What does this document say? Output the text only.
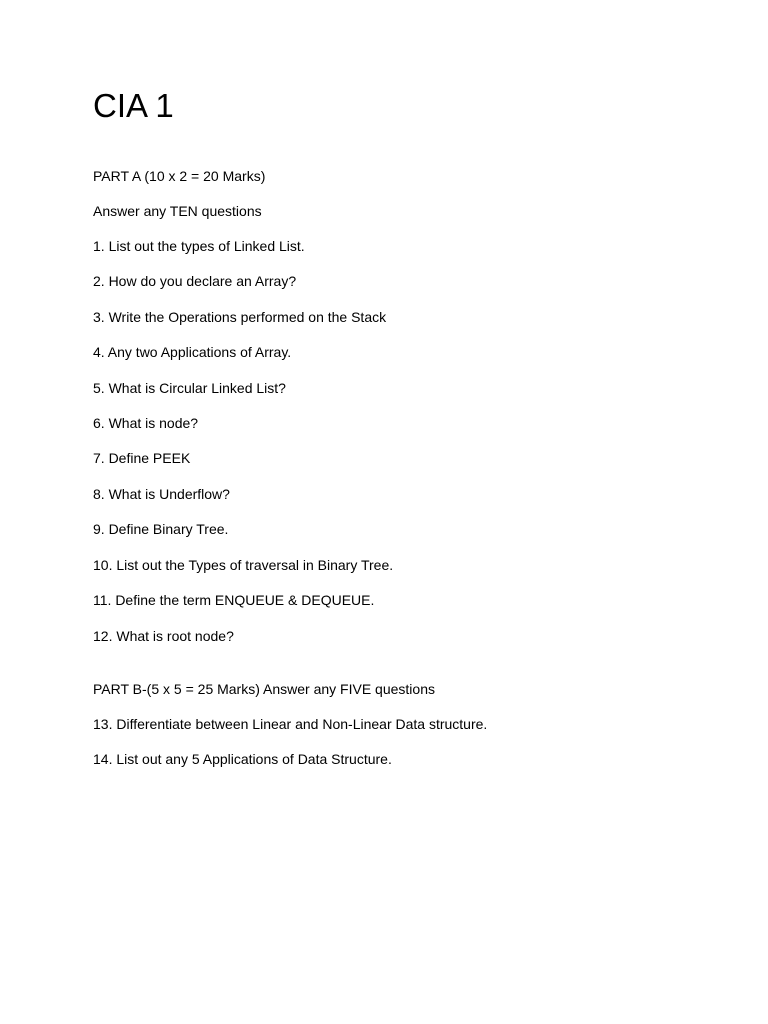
CIA 1

PART A (10 x 2 = 20 Marks)

Answer any TEN questions

1. List out the types of Linked List.

2. How do you declare an Array?

3. Write the Operations performed on the Stack

4. Any two Applications of Array.

5. What is Circular Linked List?

6. What is node?

7. Define PEEK

8. What is Underflow?

9. Define Binary Tree.

10. List out the Types of traversal in Binary Tree.

11. Define the term ENQUEUE & DEQUEUE.

12. What is root node?

PART B-(5 x 5 = 25 Marks) Answer any FIVE questions

13. Differentiate between Linear and Non-Linear Data structure.

14. List out any 5 Applications of Data Structure.
